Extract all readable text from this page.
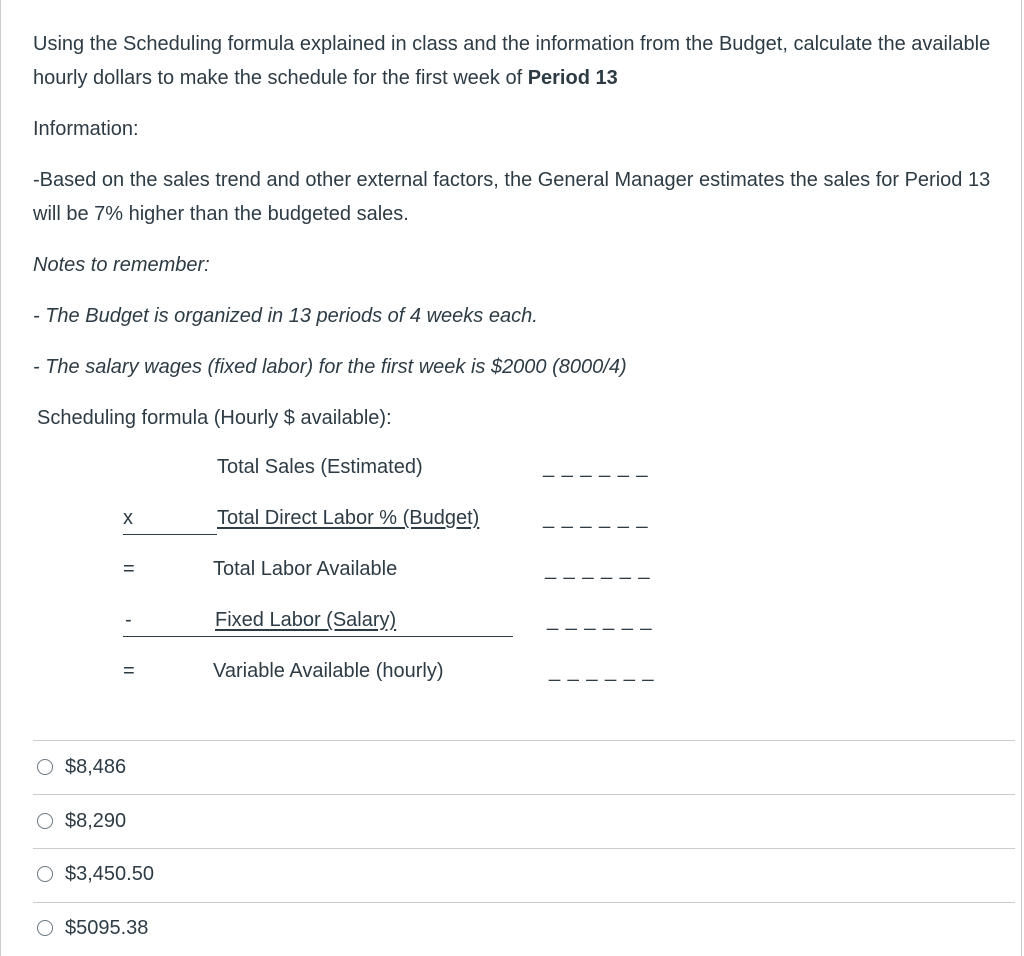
Using the Scheduling formula explained in class and the information from the Budget, calculate the available hourly dollars to make the schedule for the first week of Period 13

Information:

-Based on the sales trend and other external factors, the General Manager estimates the sales for Period 13 will be 7% higher than the budgeted sales.

Notes to remember:

- The Budget is organized in 13 periods of 4 weeks each.

- The salary wages (fixed labor) for the first week is $2000 (8000/4)

Scheduling formula (Hourly $ available):

Total Sales (Estimated)	_ _ _ _ _ _
x	Total Direct Labor % (Budget)	_ _ _ _ _ _
=	Total Labor Available	_ _ _ _ _ _
-	Fixed Labor (Salary)	_ _ _ _ _ _
=	Variable Available (hourly)	_ _ _ _ _ _
$8,486
$8,290
$3,450.50
$5095.38
